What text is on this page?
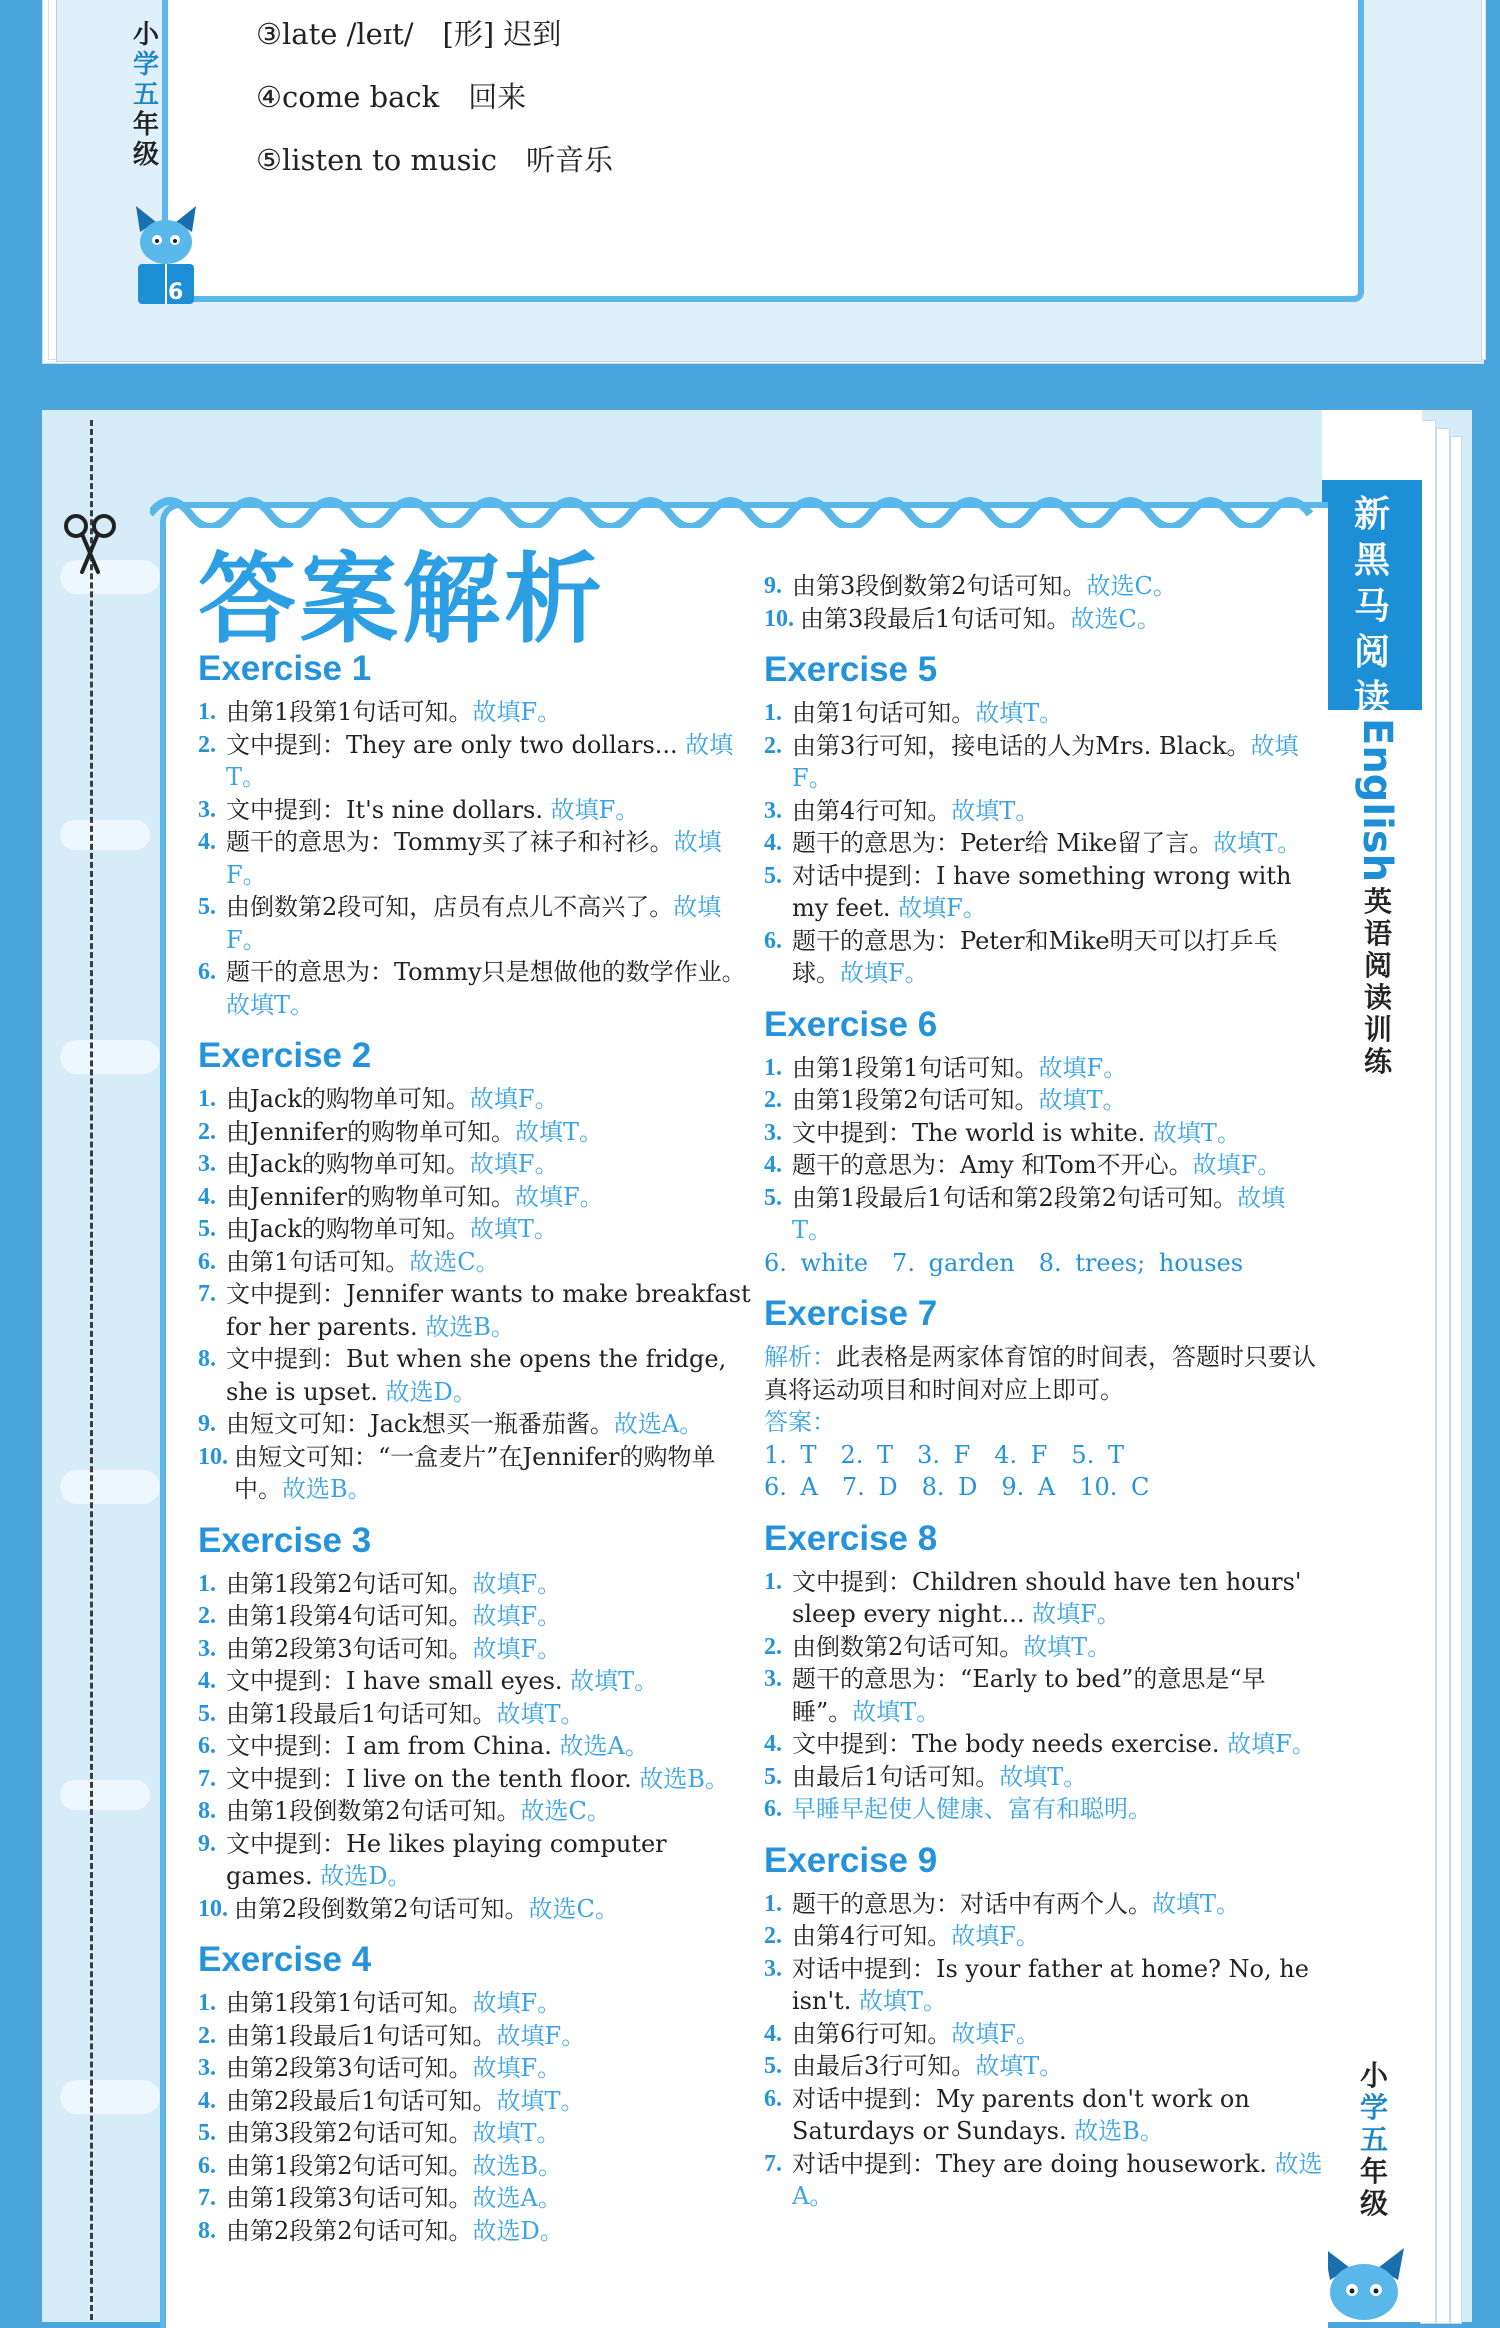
小
学
五
年
级
③late /leɪt/　[形] 迟到
④come back　回来
⑤listen to music　听音乐
6
新
黑
马
阅
读
English
英
语
阅
读
训
练
小
学
五
年
级
答案解析
Exercise 1
1. 由第1段第1句话可知。故填F。
2. 文中提到：They are only two dollars... 故填T。
3. 文中提到：It's nine dollars. 故填F。
4. 题干的意思为：Tommy买了袜子和衬衫。故填F。
5. 由倒数第2段可知，店员有点儿不高兴了。故填F。
6. 题干的意思为：Tommy只是想做他的数学作业。故填T。
Exercise 2
1. 由Jack的购物单可知。故填F。
2. 由Jennifer的购物单可知。故填T。
3. 由Jack的购物单可知。故填F。
4. 由Jennifer的购物单可知。故填F。
5. 由Jack的购物单可知。故填T。
6. 由第1句话可知。故选C。
7. 文中提到：Jennifer wants to make breakfast for her parents. 故选B。
8. 文中提到：But when she opens the fridge, she is upset. 故选D。
9. 由短文可知：Jack想买一瓶番茄酱。故选A。
10. 由短文可知：“一盒麦片”在Jennifer的购物单中。故选B。
Exercise 3
1. 由第1段第2句话可知。故填F。
2. 由第1段第4句话可知。故填F。
3. 由第2段第3句话可知。故填F。
4. 文中提到：I have small eyes. 故填T。
5. 由第1段最后1句话可知。故填T。
6. 文中提到：I am from China. 故选A。
7. 文中提到：I live on the tenth floor. 故选B。
8. 由第1段倒数第2句话可知。故选C。
9. 文中提到：He likes playing computer games. 故选D。
10. 由第2段倒数第2句话可知。故选C。
Exercise 4
1. 由第1段第1句话可知。故填F。
2. 由第1段最后1句话可知。故填F。
3. 由第2段第3句话可知。故填F。
4. 由第2段最后1句话可知。故填T。
5. 由第3段第2句话可知。故填T。
6. 由第1段第2句话可知。故选B。
7. 由第1段第3句话可知。故选A。
8. 由第2段第2句话可知。故选D。
9. 由第3段倒数第2句话可知。故选C。
10. 由第3段最后1句话可知。故选C。
Exercise 5
1. 由第1句话可知。故填T。
2. 由第3行可知，接电话的人为Mrs. Black。故填F。
3. 由第4行可知。故填T。
4. 题干的意思为：Peter给 Mike留了言。故填T。
5. 对话中提到：I have something wrong with my feet. 故填F。
6. 题干的意思为：Peter和Mike明天可以打乒乓球。故填F。
Exercise 6
1. 由第1段第1句话可知。故填F。
2. 由第1段第2句话可知。故填T。
3. 文中提到：The world is white. 故填T。
4. 题干的意思为：Amy 和Tom不开心。故填F。
5. 由第1段最后1句话和第2段第2句话可知。故填T。
6. white　7. garden　8. trees; houses
Exercise 7
解析：此表格是两家体育馆的时间表，答题时只要认真将运动项目和时间对应上即可。
答案：
1. T　2. T　3. F　4. F　5. T
6. A　7. D　8. D　9. A　10. C
Exercise 8
1. 文中提到：Children should have ten hours' sleep every night... 故填F。
2. 由倒数第2句话可知。故填T。
3. 题干的意思为：“Early to bed”的意思是“早睡”。故填T。
4. 文中提到：The body needs exercise. 故填F。
5. 由最后1句话可知。故填T。
6. 早睡早起使人健康、富有和聪明。
Exercise 9
1. 题干的意思为：对话中有两个人。故填T。
2. 由第4行可知。故填F。
3. 对话中提到：Is your father at home? No, he isn't. 故填T。
4. 由第6行可知。故填F。
5. 由最后3行可知。故填T。
6. 对话中提到：My parents don't work on Saturdays or Sundays. 故选B。
7. 对话中提到：They are doing housework. 故选A。
